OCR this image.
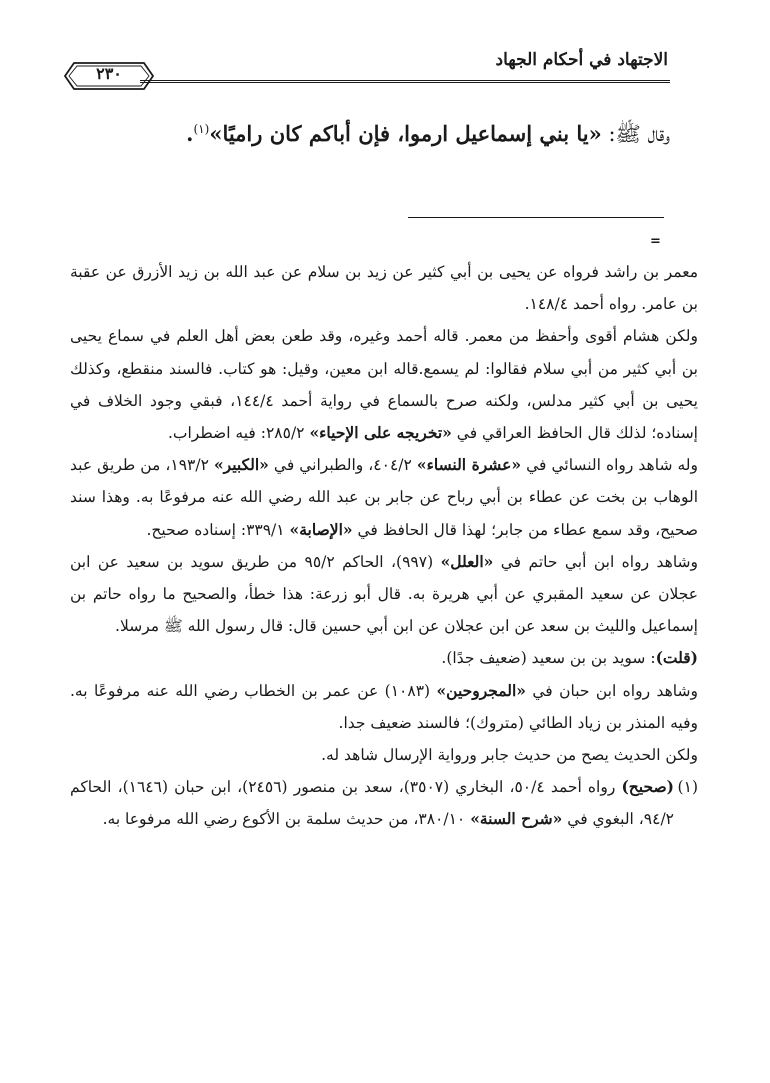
الاجتهاد في أحكام الجهاد
٢٣٠
وقال ﷺ: «يا بني إسماعيل ارموا، فإن أباكم كان راميًا»$^{(١)}$.
=

معمر بن راشد فرواه عن يحيى بن أبي كثير عن زيد بن سلام عن عبد الله بن زيد الأزرق عن عقبة بن عامر. رواه أحمد ١٤٨/٤.

ولكن هشام أقوى وأحفظ من معمر. قاله أحمد وغيره، وقد طعن بعض أهل العلم في سماع يحيى بن أبي كثير من أبي سلام فقالوا: لم يسمع.قاله ابن معين، وقيل: هو كتاب. فالسند منقطع، وكذلك يحيى بن أبي كثير مدلس، ولكنه صرح بالسماع في رواية أحمد ١٤٤/٤، فبقي وجود الخلاف في إسناده؛ لذلك قال الحافظ العراقي في «تخريجه على الإحياء» ٢٨٥/٢: فيه اضطراب.

وله شاهد رواه النسائي في «عشرة النساء» ٤٠٤/٢، والطبراني في «الكبير» ١٩٣/٢، من طريق عبد الوهاب بن بخت عن عطاء بن أبي رباح عن جابر بن عبد الله رضي الله عنه مرفوعًا به. وهذا سند صحيح، وقد سمع عطاء من جابر؛ لهذا قال الحافظ في «الإصابة» ٣٣٩/١: إسناده صحيح.

وشاهد رواه ابن أبي حاتم في «العلل» (٩٩٧)، الحاكم ٩٥/٢ من طريق سويد بن سعيد عن ابن عجلان عن سعيد المقبري عن أبي هريرة به. قال أبو زرعة: هذا خطأ، والصحيح ما رواه حاتم بن إسماعيل والليث بن سعد عن ابن عجلان عن ابن أبي حسين قال: قال رسول الله ﷺ مرسلا.

(قلت): سويد بن بن سعيد (ضعيف جدًا).

وشاهد رواه ابن حبان في «المجروحين» (١٠٨٣) عن عمر بن الخطاب رضي الله عنه مرفوعًا به. وفيه المنذر بن زياد الطائي (متروك)؛ فالسند ضعيف جدا.

ولكن الحديث يصح من حديث جابر ورواية الإرسال شاهد له.

(١)
(صحيح) رواه أحمد ٥٠/٤، البخاري (٣٥٠٧)، سعد بن منصور (٢٤٥٦)، ابن حبان (١٦٤٦)، الحاكم ٩٤/٢، البغوي في «شرح السنة» ٣٨٠/١٠، من حديث سلمة بن الأكوع رضي الله مرفوعا به.
